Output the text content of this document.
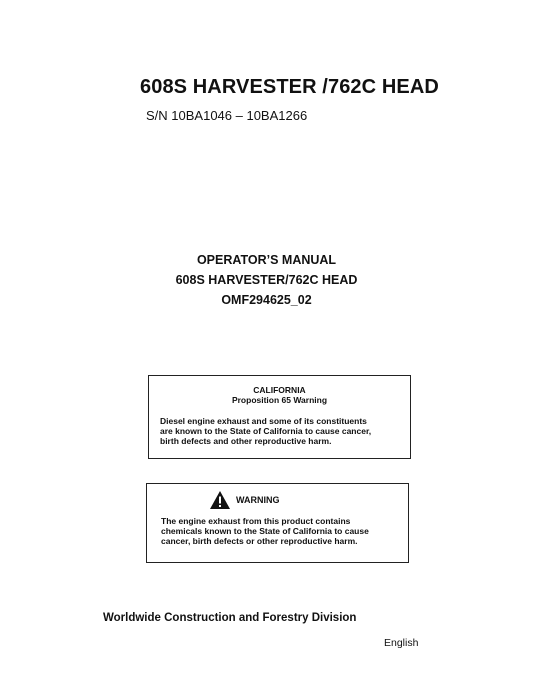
608S HARVESTER /762C HEAD
S/N 10BA1046 – 10BA1266
OPERATOR’S MANUAL
608S HARVESTER/762C HEAD
OMF294625_02
CALIFORNIA
Proposition 65 Warning
Diesel engine exhaust and some of its constituents
are known to the State of California to cause cancer,
birth defects and other reproductive harm.
WARNING
The engine exhaust from this product contains
chemicals known to the State of California to cause
cancer, birth defects or other reproductive harm.
Worldwide Construction and Forestry Division
English
